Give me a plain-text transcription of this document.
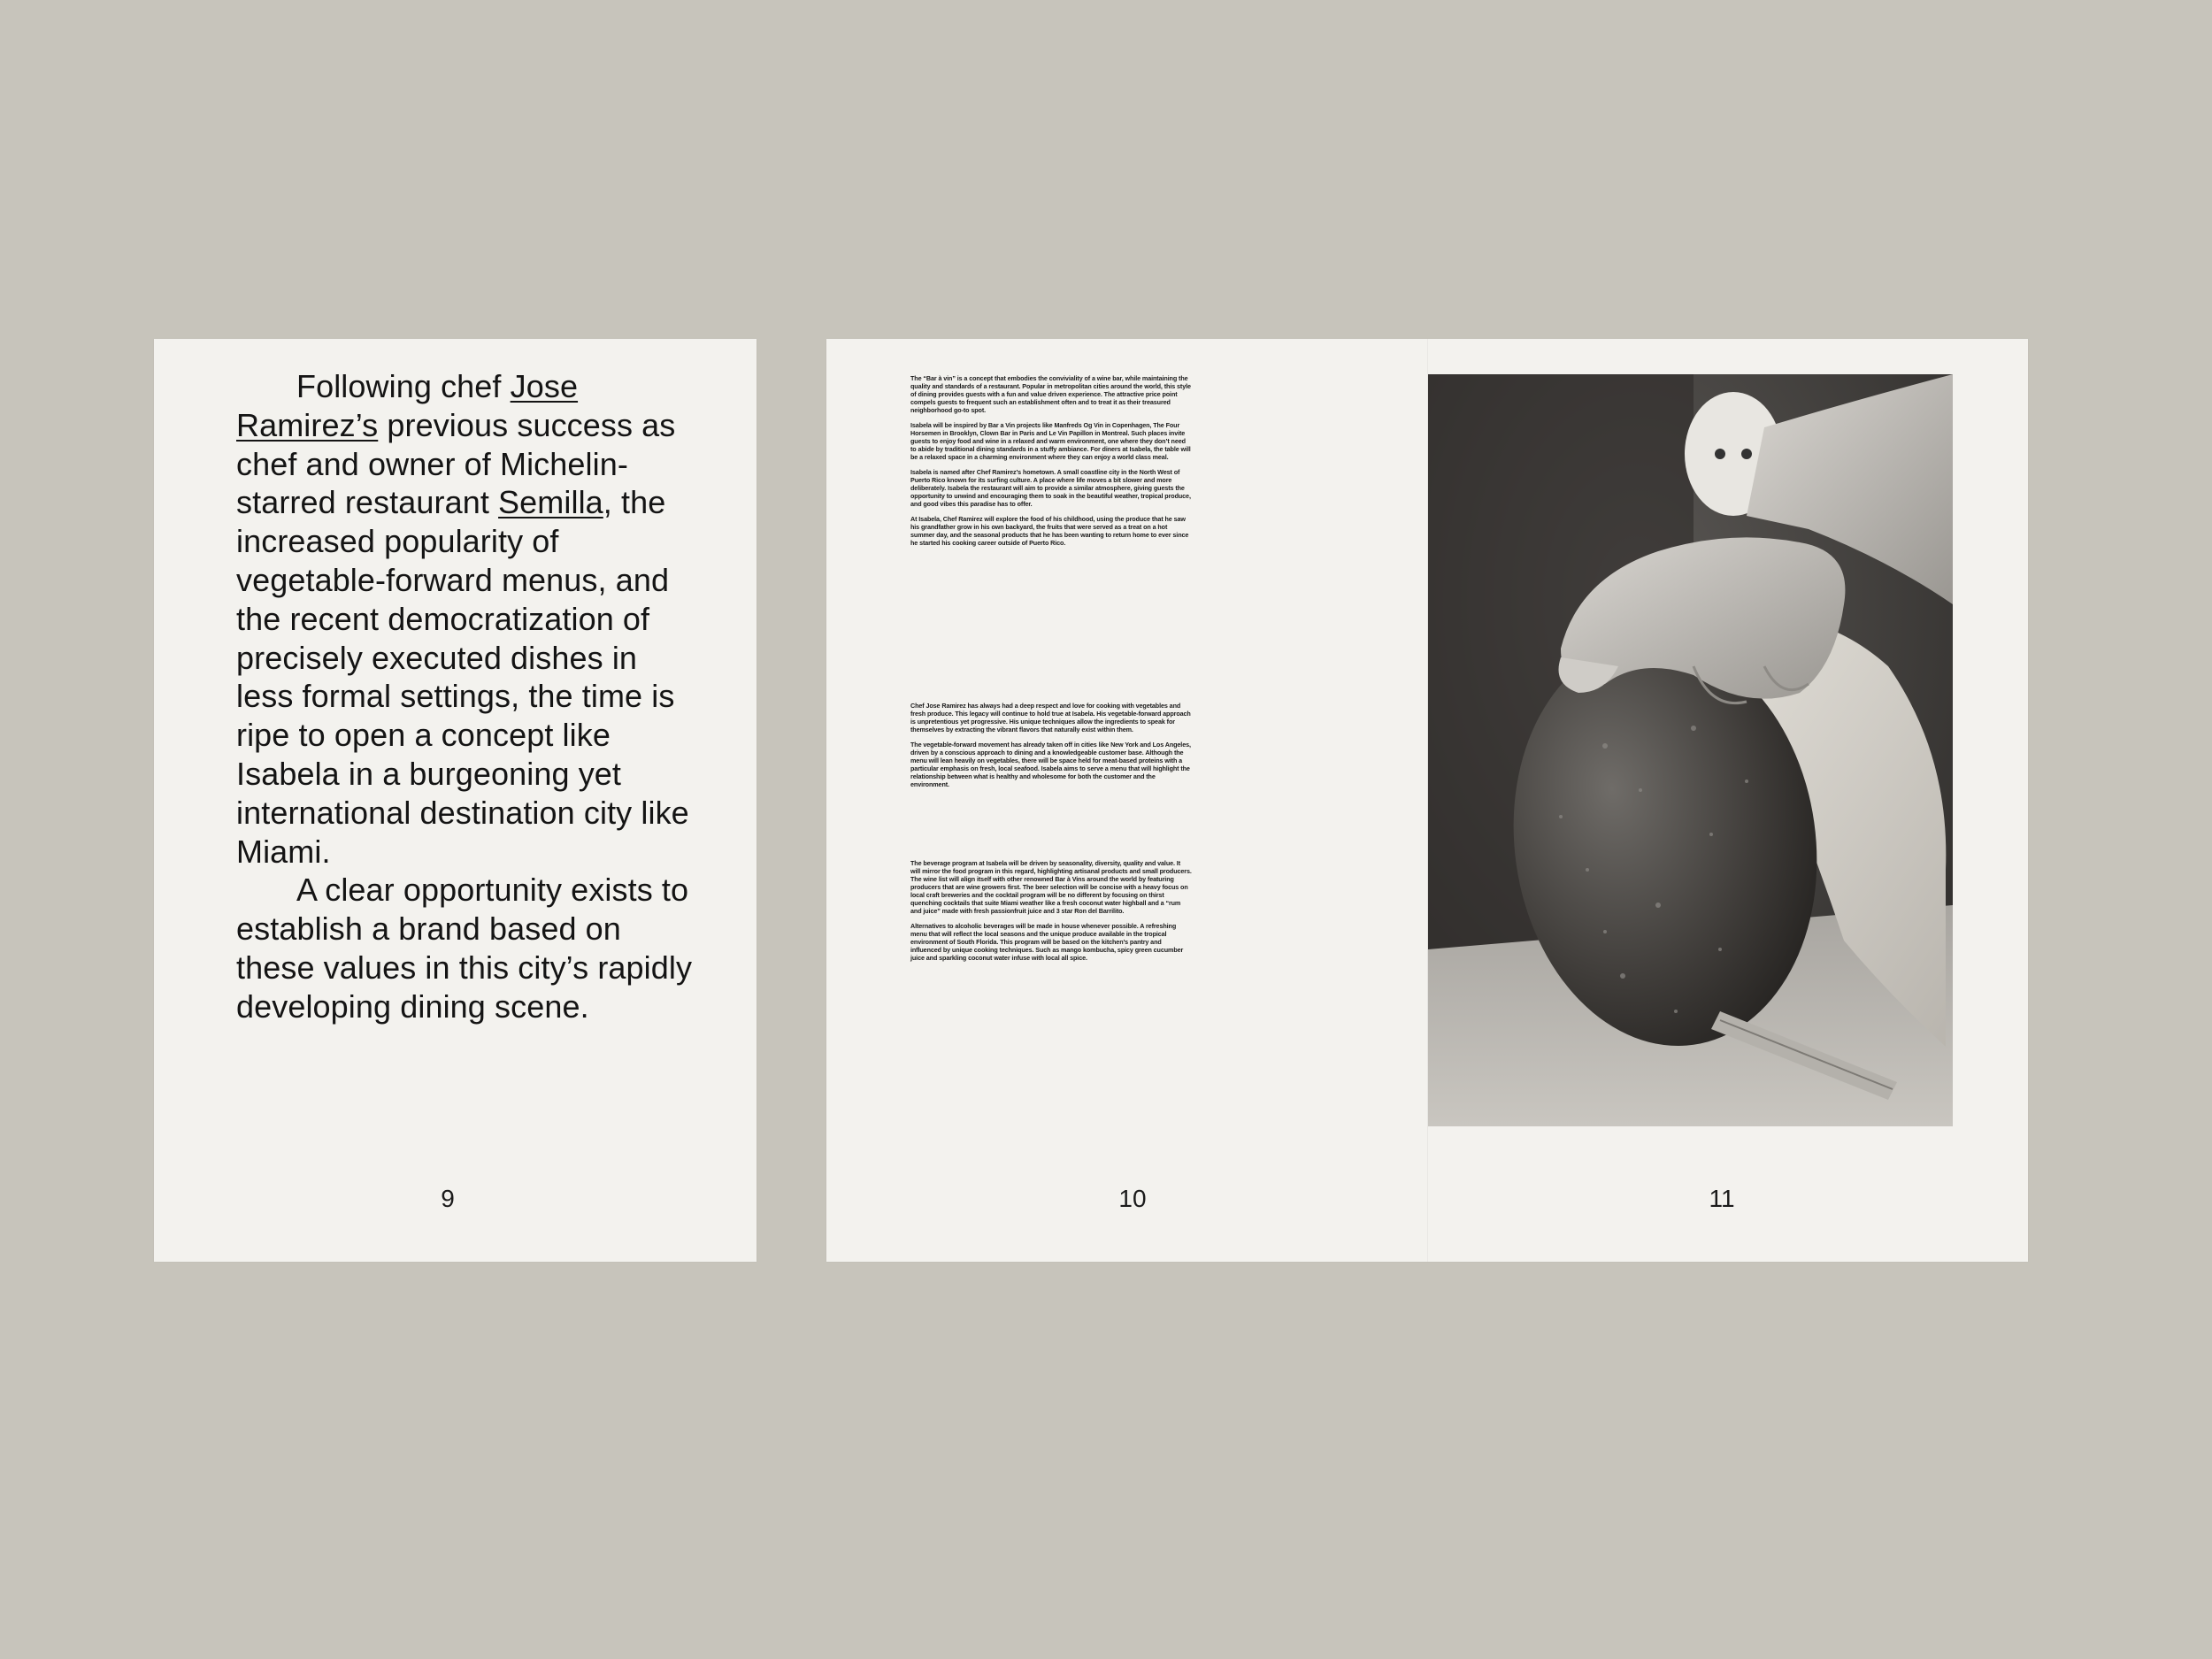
Following chef Jose Ramirez’s previous success as chef and owner of Michelin-starred restaurant Semilla, the increased popularity of vegetable-forward menus, and the recent democratization of precisely executed dishes in less formal settings, the time is ripe to open a concept like Isabela in a burgeoning yet international destination city like Miami.

A clear opportunity exists to establish a brand based on these values in this city’s rapidly developing dining scene.

9

The “Bar à vin” is a concept that embodies the conviviality of a wine bar, while maintaining the quality and standards of a restaurant. Popular in metropolitan cities around the world, this style of dining provides guests with a fun and value driven experience. The attractive price point compels guests to frequent such an establishment often and to treat it as their treasured neighborhood go-to spot.

Isabela will be inspired by Bar a Vin projects like Manfreds Og Vin in Copenhagen, The Four Horsemen in Brooklyn, Clown Bar in Paris and Le Vin Papillon in Montreal. Such places invite guests to enjoy food and wine in a relaxed and warm environment, one where they don’t need to abide by traditional dining standards in a stuffy ambiance. For diners at Isabela, the table will be a relaxed space in a charming environment where they can enjoy a world class meal.

Isabela is named after Chef Ramirez’s hometown. A small coastline city in the North West of Puerto Rico known for its surfing culture. A place where life moves a bit slower and more deliberately. Isabela the restaurant will aim to provide a similar atmosphere, giving guests the opportunity to unwind and encouraging them to soak in the beautiful weather, tropical produce, and good vibes this paradise has to offer.

At Isabela, Chef Ramirez will explore the food of his childhood, using the produce that he saw his grandfather grow in his own backyard, the fruits that were served as a treat on a hot summer day, and the seasonal products that he has been wanting to return home to ever since he started his cooking career outside of Puerto Rico.

Chef Jose Ramirez has always had a deep respect and love for cooking with vegetables and fresh produce. This legacy will continue to hold true at Isabela. His vegetable-forward approach is unpretentious yet progressive. His unique techniques allow the ingredients to speak for themselves by extracting the vibrant flavors that naturally exist within them.

The vegetable-forward movement has already taken off in cities like New York and Los Angeles, driven by a conscious approach to dining and a knowledgeable customer base. Although the menu will lean heavily on vegetables, there will be space held for meat-based proteins with a particular emphasis on fresh, local seafood. Isabela aims to serve a menu that will highlight the relationship between what is healthy and wholesome for both the customer and the environment.

The beverage program at Isabela will be driven by seasonality, diversity, quality and value. It will mirror the food program in this regard, highlighting artisanal products and small producers. The wine list will align itself with other renowned Bar à Vins around the world by featuring producers that are wine growers first. The beer selection will be concise with a heavy focus on local craft breweries and the cocktail program will be no different by focusing on thirst quenching cocktails that suite Miami weather like a fresh coconut water highball and a “rum and juice” made with fresh passionfruit juice and 3 star Ron del Barrilito.

Alternatives to alcoholic beverages will be made in house whenever possible. A refreshing menu that will reflect the local seasons and the unique produce available in the tropical environment of South Florida. This program will be based on the kitchen’s pantry and influenced by unique cooking techniques. Such as mango kombucha, spicy green cucumber juice and sparkling coconut water infuse with local all spice.

10	11
